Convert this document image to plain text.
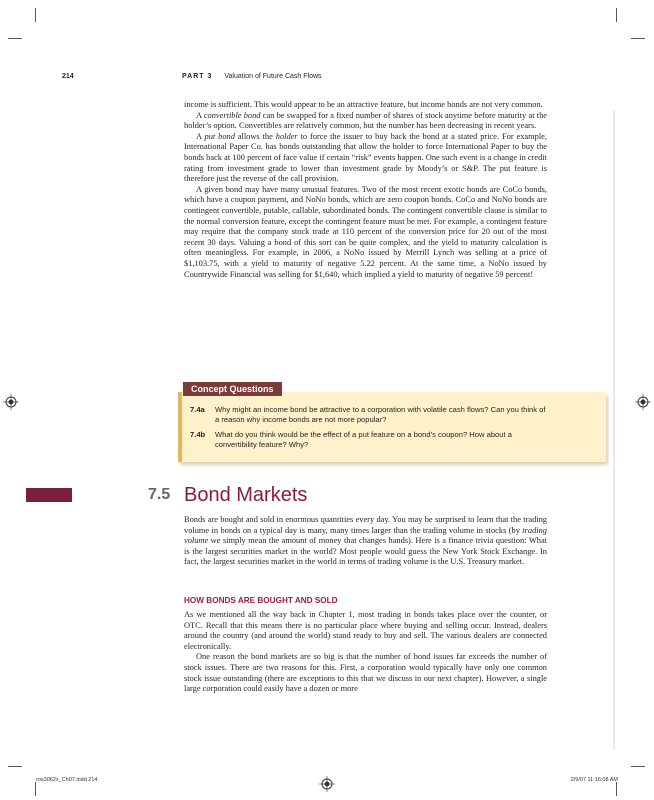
214	PART 3 Valuation of Future Cash Flows

income is sufficient. This would appear to be an attractive feature, but income bonds are not very common.

A convertible bond can be swapped for a fixed number of shares of stock anytime before maturity at the holder’s option. Convertibles are relatively common, but the number has been decreasing in recent years.

A put bond allows the holder to force the issuer to buy back the bond at a stated price. For example, International Paper Co. has bonds outstanding that allow the holder to force International Paper to buy the bonds back at 100 percent of face value if certain “risk” events happen. One such event is a change in credit rating from investment grade to lower than investment grade by Moody’s or S&P. The put feature is therefore just the reverse of the call provision.

A given bond may have many unusual features. Two of the most recent exotic bonds are CoCo bonds, which have a coupon payment, and NoNo bonds, which are zero coupon bonds. CoCo and NoNo bonds are contingent convertible, putable, callable, subordinated bonds. The contingent convertible clause is similar to the normal conversion feature, except the contingent feature must be met. For example, a contingent feature may require that the company stock trade at 110 percent of the conversion price for 20 out of the most recent 30 days. Valuing a bond of this sort can be quite complex, and the yield to maturity calculation is often meaningless. For example, in 2006, a NoNo issued by Merrill Lynch was selling at a price of $1,103.75, with a yield to maturity of negative 5.22 percent. At the same time, a NoNo issued by Countrywide Financial was selling for $1,640, which implied a yield to maturity of negative 59 percent!

Concept Questions
7.4a Why might an income bond be attractive to a corporation with volatile cash flows? Can you think of a reason why income bonds are not more popular?
7.4b What do you think would be the effect of a put feature on a bond’s coupon? How about a convertibility feature? Why?
7.5 Bond Markets

Bonds are bought and sold in enormous quantities every day. You may be surprised to learn that the trading volume in bonds on a typical day is many, many times larger than the trading volume in stocks (by trading volume we simply mean the amount of money that changes hands). Here is a finance trivia question: What is the largest securities market in the world? Most people would guess the New York Stock Exchange. In fact, the largest securities market in the world in terms of trading volume is the U.S. Treasury market.

HOW BONDS ARE BOUGHT AND SOLD

As we mentioned all the way back in Chapter 1, most trading in bonds takes place over the counter, or OTC. Recall that this means there is no particular place where buying and selling occur. Instead, dealers around the country (and around the world) stand ready to buy and sell. The various dealers are connected electronically.

One reason the bond markets are so big is that the number of bond issues far exceeds the number of stock issues. There are two reasons for this. First, a corporation would typically have only one common stock issue outstanding (there are exceptions to this that we discuss in our next chapter). However, a single large corporation could easily have a dozen or more

ros3062x_Ch07.indd 214	2/9/07 11:16:08 AM
